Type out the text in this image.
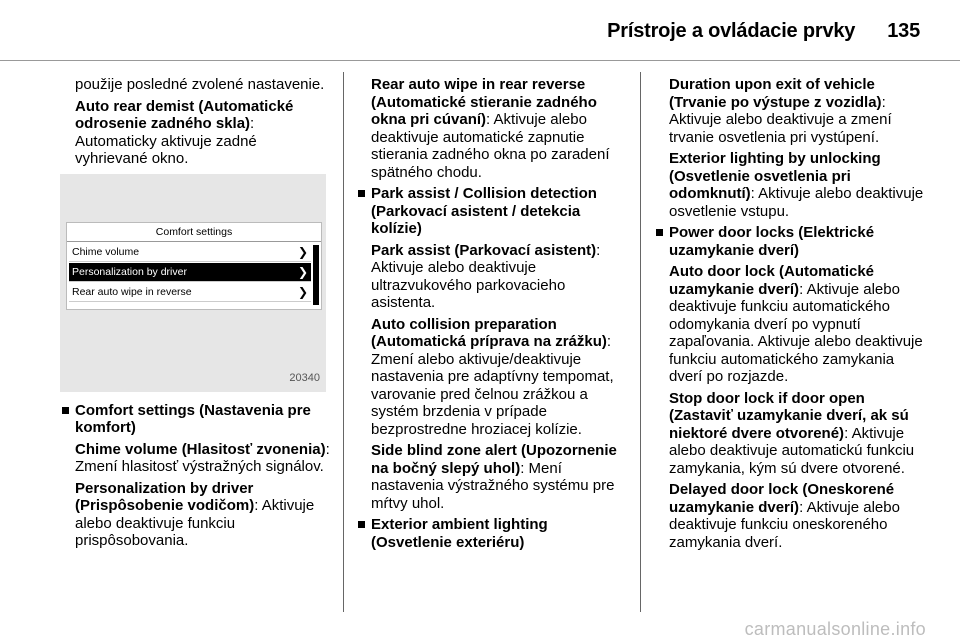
Prístroje a ovládacie prvky 135

použije posledné zvolené nastavenie.

Auto rear demist (Automatické odrosenie zadného skla): Automaticky aktivuje zadné vyhrievané okno.

Comfort settings
Chime volume	❯
Personalization by driver	❯
Rear auto wipe in reverse	❯
20340
Comfort settings (Nastavenia pre komfort)

Chime volume (Hlasitosť zvonenia): Zmení hlasitosť výstražných signálov.

Personalization by driver (Prispôsobenie vodičom): Aktivuje alebo deaktivuje funkciu prispôsobovania.

Rear auto wipe in rear reverse (Automatické stieranie zadného okna pri cúvaní): Aktivuje alebo deaktivuje automatické zapnutie stierania zadného okna po zaradení spätného chodu.

Park assist / Collision detection (Parkovací asistent / detekcia kolízie)

Park assist (Parkovací asistent): Aktivuje alebo deaktivuje ultrazvukového parkovacieho asistenta.

Auto collision preparation (Automatická príprava na zrážku): Zmení alebo aktivuje/deaktivuje nastavenia pre adaptívny tempomat, varovanie pred čelnou zrážkou a systém brzdenia v prípade bezprostredne hroziacej kolízie.

Side blind zone alert (Upozornenie na bočný slepý uhol): Mení nastavenia výstražného systému pre mŕtvy uhol.

Exterior ambient lighting (Osvetlenie exteriéru)

Duration upon exit of vehicle (Trvanie po výstupe z vozidla): Aktivuje alebo deaktivuje a zmení trvanie osvetlenia pri vystúpení.

Exterior lighting by unlocking (Osvetlenie osvetlenia pri odomknutí): Aktivuje alebo deaktivuje osvetlenie vstupu.

Power door locks (Elektrické uzamykanie dverí)

Auto door lock (Automatické uzamykanie dverí): Aktivuje alebo deaktivuje funkciu automatického odomykania dverí po vypnutí zapaľovania. Aktivuje alebo deaktivuje funkciu automatického zamykania dverí po rozjazde.

Stop door lock if door open (Zastaviť uzamykanie dverí, ak sú niektoré dvere otvorené): Aktivuje alebo deaktivuje automatickú funkciu zamykania, kým sú dvere otvorené.

Delayed door lock (Oneskorené uzamykanie dverí): Aktivuje alebo deaktivuje funkciu oneskoreného zamykania dverí.

carmanualsonline.info
